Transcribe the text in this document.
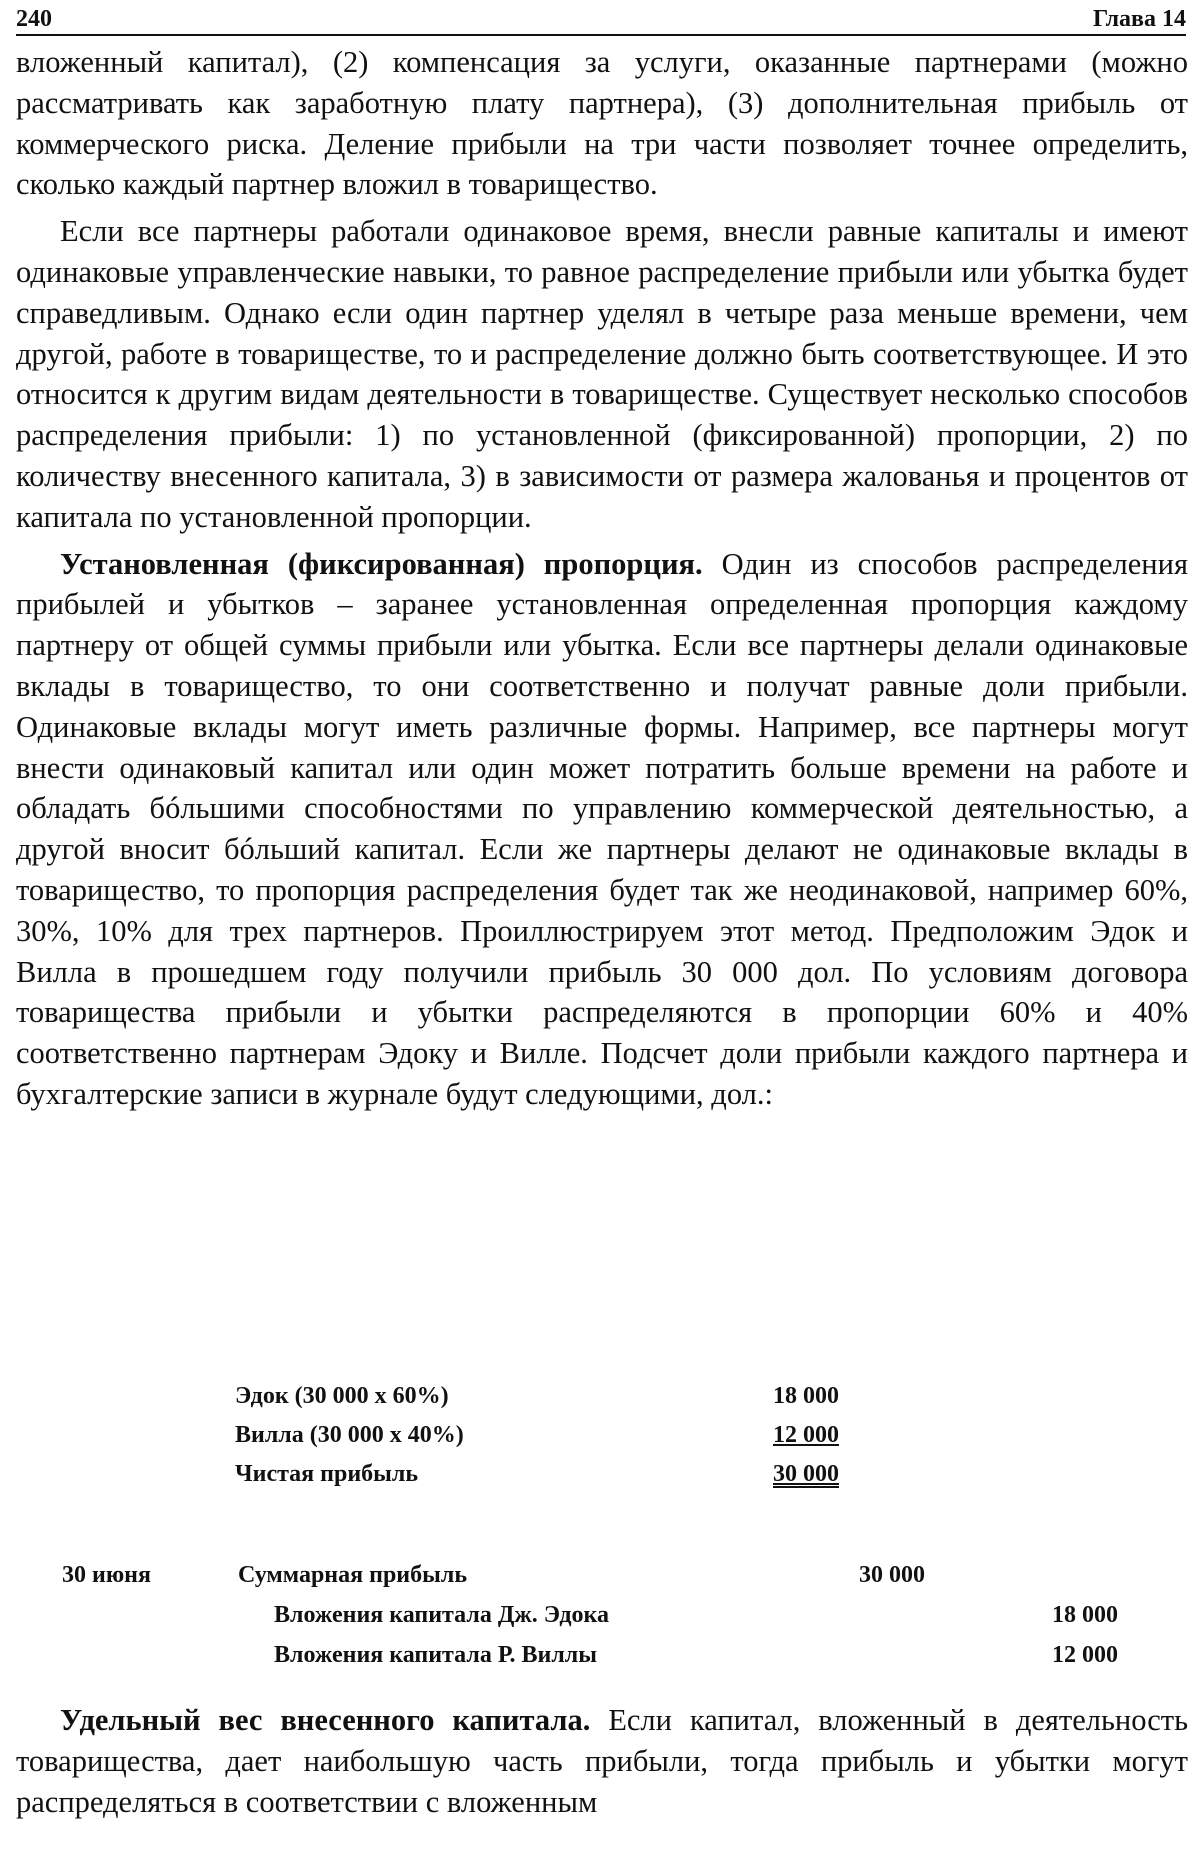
240	Глава 14

вложенный капитал), (2) компенсация за услуги, оказанные партнерами (можно рассматривать как заработную плату партнера), (3) дополнительная прибыль от коммерческого риска. Деление прибыли на три части позволяет точнее определить, сколько каждый партнер вложил в товарищество.

Если все партнеры работали одинаковое время, внесли равные капиталы и имеют одинаковые управленческие навыки, то равное распределение прибыли или убытка будет справедливым. Однако если один партнер уделял в четыре раза меньше времени, чем другой, работе в товариществе, то и распределение должно быть соответствующее. И это относится к другим видам деятельности в товариществе. Существует несколько способов распределения прибыли: 1) по установленной (фиксированной) пропорции, 2) по количеству внесенного капитала, 3) в зависимости от размера жалованья и процентов от капитала по установленной пропорции.

Установленная (фиксированная) пропорция. Один из способов распределения прибылей и убытков – заранее установленная определенная пропорция каждому партнеру от общей суммы прибыли или убытка. Если все партнеры делали одинаковые вклады в товарищество, то они соответственно и получат равные доли прибыли. Одинаковые вклады могут иметь различные формы. Например, все партнеры могут внести одинаковый капитал или один может потратить больше времени на работе и обладать бóльшими способностями по управлению коммерческой деятельностью, а другой вносит бóльший капитал. Если же партнеры делают не одинаковые вклады в товарищество, то пропорция распределения будет так же неодинаковой, например 60%, 30%, 10% для трех партнеров. Проиллюстрируем этот метод. Предположим Эдок и Вилла в прошедшем году получили прибыль 30 000 дол. По условиям договора товарищества прибыли и убытки распределяются в пропорции 60% и 40% соответственно партнерам Эдоку и Вилле. Подсчет доли прибыли каждого партнера и бухгалтерские записи в журнале будут следующими, дол.:

Эдок (30 000 х 60%)	18 000
Вилла (30 000 х 40%)	12 000
Чистая прибыль	30 000
30 июня	Суммарная прибыль	30 000
Вложения капитала Дж. Эдока	18 000
Вложения капитала Р. Виллы	12 000

Удельный вес внесенного капитала. Если капитал, вложенный в деятельность товарищества, дает наибольшую часть прибыли, тогда прибыль и убытки могут распределяться в соответствии с вложенным
